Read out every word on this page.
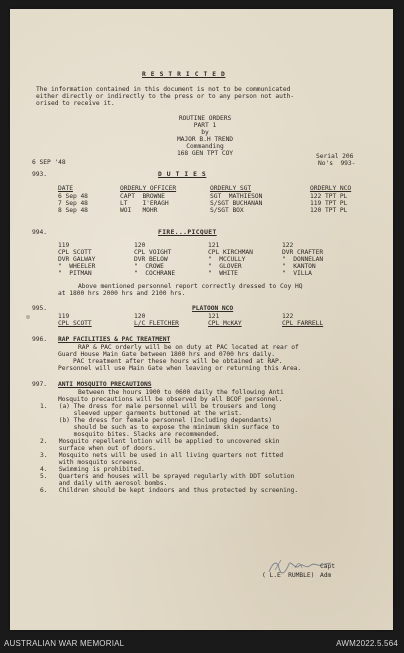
R E S T R I C T E D
The information contained in this document is not to be communicated
either directly or indirectly to the press or to any person not auth-
orised to receive it.
ROUTINE ORDERS
PART 1
by
MAJOR B.H TREND
Commanding
168 GEN TPT COY
6 SEP '48
Serial 206
No's  993-
993.	D U T I E S
DATE	ORDERLY OFFICER	ORDERLY SGT	ORDERLY NCO
6 Sep 48	CAPT  BROWNE	SGT  MATHIESON	122 TPT PL
7 Sep 48	LT    I'ERAGH	S/SGT BUCHANAN	119 TPT PL
8 Sep 48	WOI   MOHR	S/SGT BOX	120 TPT PL
994.	FIRE...PICQUET
119	120	121	122
CPL SCOTT	CPL VOIGHT	CPL KIRCHMAN	DVR CRAFTER
DVR GALWAY	DVR BELOW	"  MCCULLY	"  DONNELAN
"  WHEELER	"  CROWE	"  GLOVER	"  KANTON
"  PITMAN	"  COCHRANE	"  WHITE	"  VILLA
Above mentioned personnel report correctly dressed to Coy HQ
at 1800 hrs 2000 hrs and 2100 hrs.
995.	PLATOON NCO
119	120	121	122
CPL SCOTT	L/C FLETCHER	CPL McKAY	CPL FARRELL
996. RAP FACILITIES & PAC TREATMENT
RAP & PAC orderly will be on duty at PAC located at rear of
Guard House Main Gate between 1800 hrs and 0700 hrs daily.
PAC treatment after these hours will be obtained at RAP.
Personnel will use Main Gate when leaving or returning this Area.
997. ANTI MOSQUITO PRECAUTIONS
Between the hours 1900 to 0600 daily the following Anti
Mosquito precautions will be observed by all BCOF personnel.
1.   (a) The dress for male personnel will be trousers and long
sleeved upper garments buttoned at the wrist.
(b) The dress for female personnel (Including dependants)
should be such as to expose the minimum skin surface to
mosquito bites. Slacks are recommended.
2.   Mosquito repellent lotion will be applied to uncovered skin
surface when out of doors.
3.   Mosquito nets will be used in all living quarters not fitted
with mosquito screens.
4.   Swimming is prohibited.
5.   Quarters and houses will be sprayed regularly with DDT solution
and daily with aerosol bombs.
6.   Children should be kept indoors and thus protected by screening.
Capt
( L.E  RUMBLE) Adm
AUSTRALIAN WAR MEMORIAL	AWM2022.5.564
